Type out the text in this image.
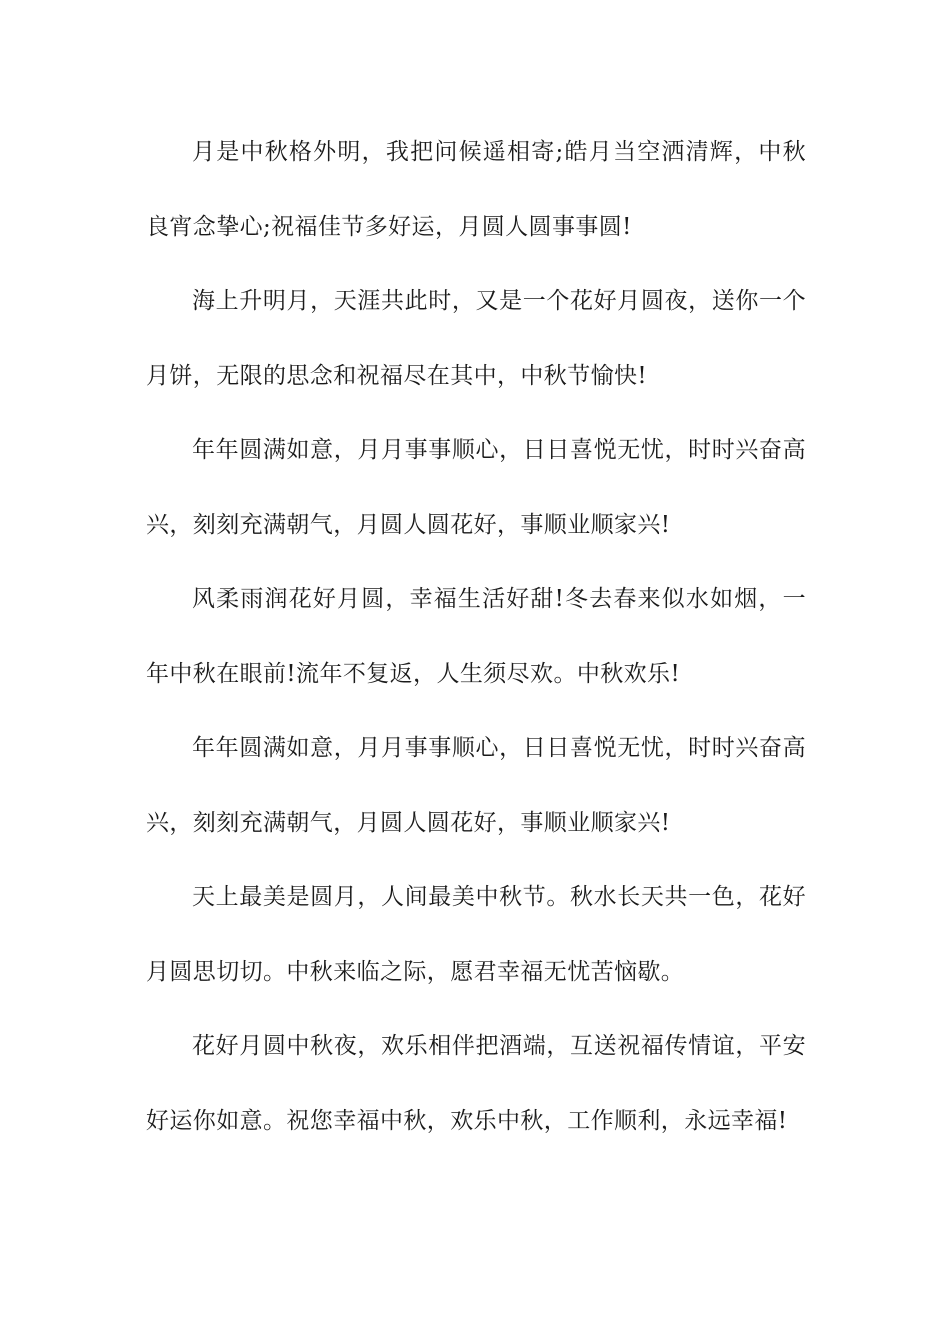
月是中秋格外明，我把问候遥相寄;皓月当空洒清辉，中秋良宵念挚心;祝福佳节多好运，月圆人圆事事圆!

海上升明月，天涯共此时，又是一个花好月圆夜，送你一个月饼，无限的思念和祝福尽在其中，中秋节愉快!

年年圆满如意，月月事事顺心，日日喜悦无忧，时时兴奋高兴，刻刻充满朝气，月圆人圆花好，事顺业顺家兴!

风柔雨润花好月圆，幸福生活好甜!冬去春来似水如烟，一年中秋在眼前!流年不复返，人生须尽欢。中秋欢乐!

年年圆满如意，月月事事顺心，日日喜悦无忧，时时兴奋高兴，刻刻充满朝气，月圆人圆花好，事顺业顺家兴!

天上最美是圆月，人间最美中秋节。秋水长天共一色，花好月圆思切切。中秋来临之际，愿君幸福无忧苦恼歇。

花好月圆中秋夜，欢乐相伴把酒端，互送祝福传情谊，平安好运你如意。祝您幸福中秋，欢乐中秋，工作顺利，永远幸福!
